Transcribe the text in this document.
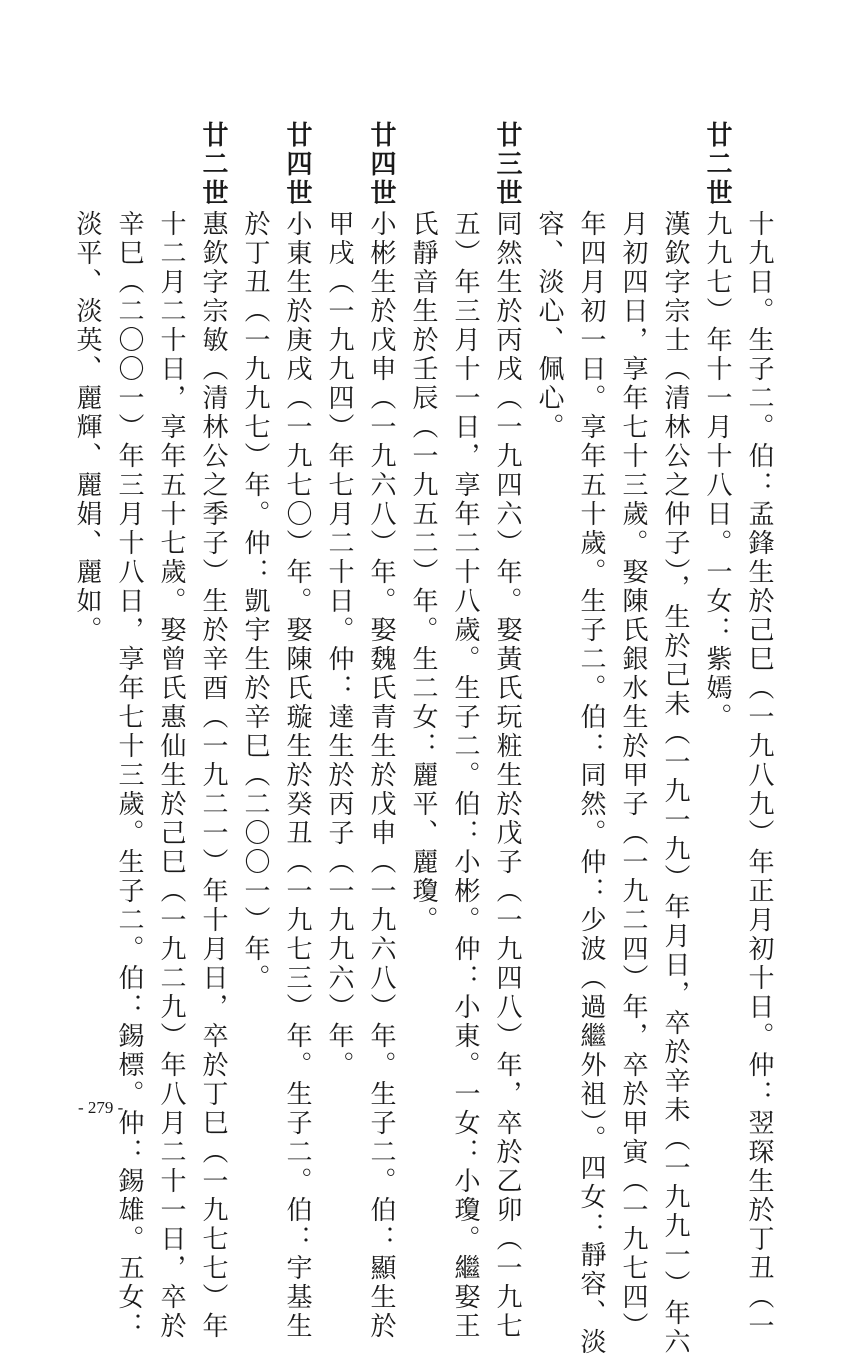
廿二世
廿三世
廿四世
廿四世
廿二世
十九日。生子二。伯：孟鋒生於己巳（一九八九）年正月初十日。仲：翌琛生於丁丑（一
九九七）年十一月十八日。一女：紫嫣。
漢欽字宗士（清林公之仲子），生於己未（一九一九）年月日，卒於辛未（一九九一）年六
月初四日，享年七十三歲。娶陳氏銀水生於甲子（一九二四）年，卒於甲寅（一九七四）
年四月初一日。享年五十歲。生子二。伯：同然。仲：少波（過繼外祖）。四女：靜容、淡
容、淡心、佩心。
同然生於丙戌（一九四六）年。娶黃氏玩粧生於戊子（一九四八）年，卒於乙卯（一九七
五）年三月十一日，享年二十八歲。生子二。伯：小彬。仲：小東。一女：小瓊。繼娶王
氏靜音生於壬辰（一九五二）年。生二女：麗平、麗瓊。
小彬生於戊申（一九六八）年。娶魏氏青生於戊申（一九六八）年。生子二。伯：顯生於
甲戌（一九九四）年七月二十日。仲：達生於丙子（一九九六）年。
小東生於庚戌（一九七〇）年。娶陳氏璇生於癸丑（一九七三）年。生子二。伯：宇基生
於丁丑（一九九七）年。仲：凱宇生於辛巳（二〇〇一）年。
惠欽字宗敏（清林公之季子）生於辛酉（一九二一）年十月日，卒於丁巳（一九七七）年
十二月二十日，享年五十七歲。娶曾氏惠仙生於己巳（一九二九）年八月二十一日，卒於
辛巳（二〇〇一）年三月十八日，享年七十三歲。生子二。伯：錫標。仲：錫雄。五女：
淡平、淡英、麗輝、麗娟、麗如。
- 279 -
